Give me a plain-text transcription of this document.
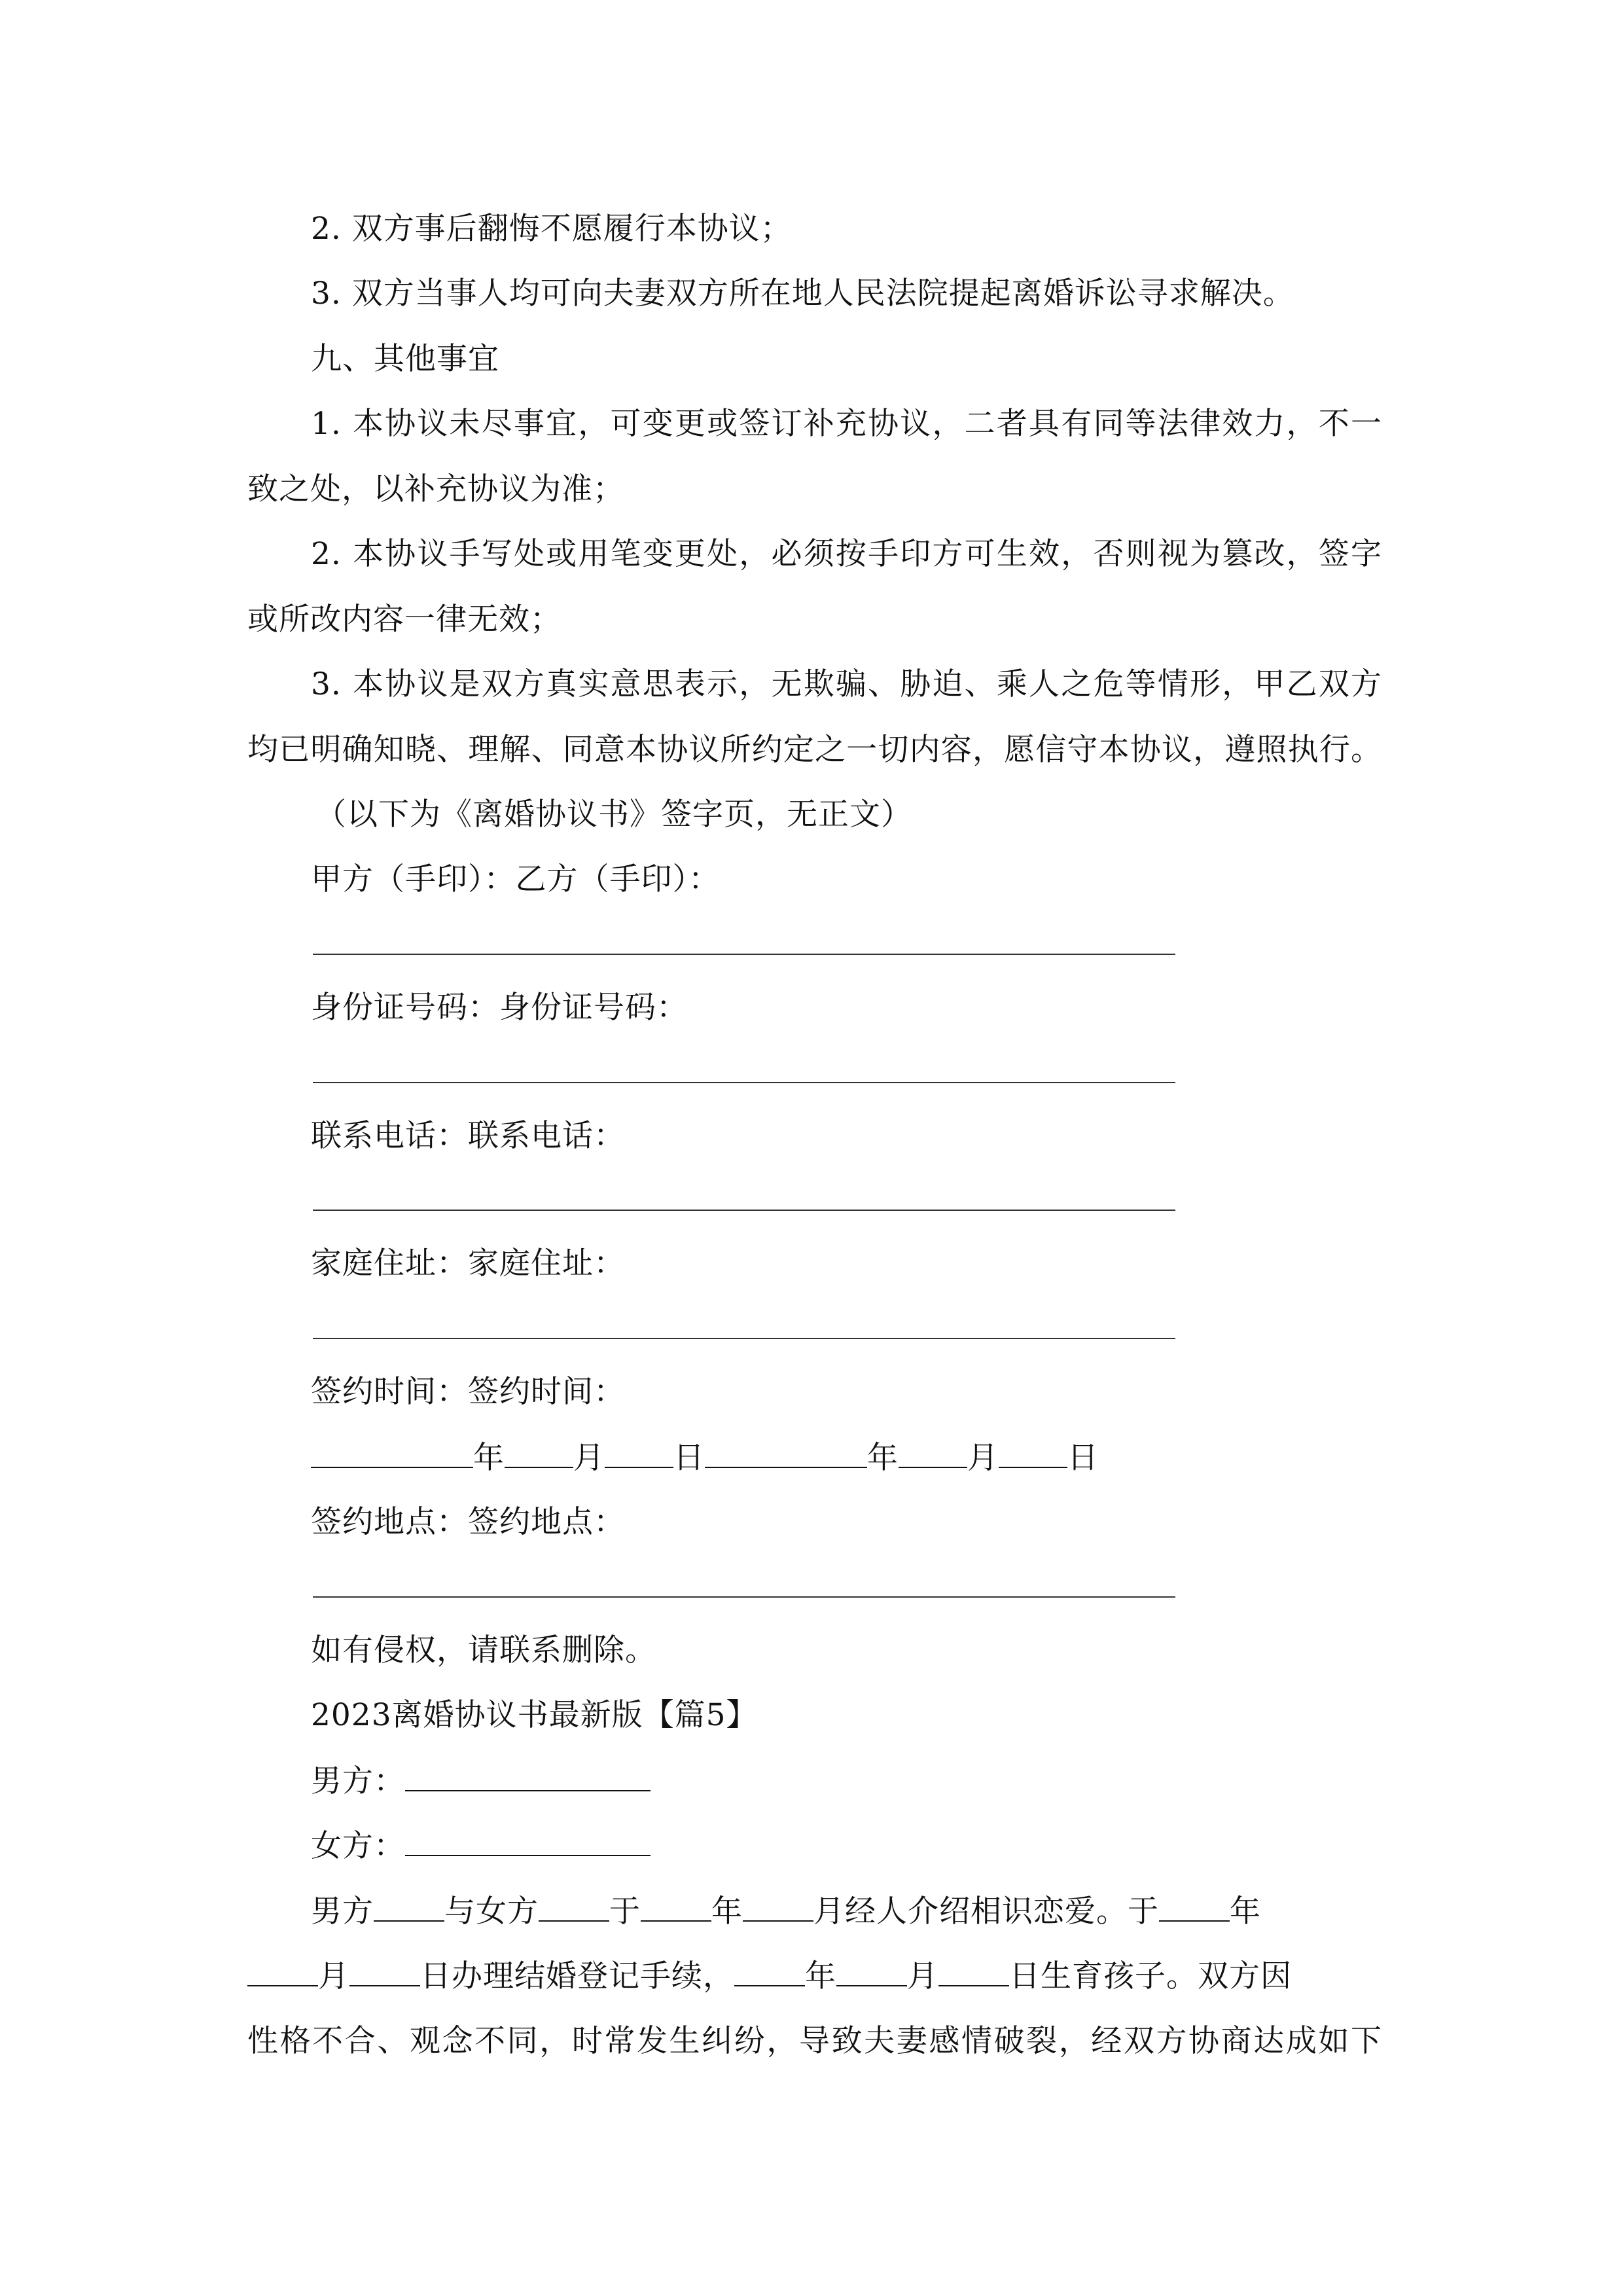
2. 双方事后翻悔不愿履行本协议；
3. 双方当事人均可向夫妻双方所在地人民法院提起离婚诉讼寻求解决。
九、其他事宜
1. 本协议未尽事宜，可变更或签订补充协议，二者具有同等法律效力，不一
致之处，以补充协议为准；
2. 本协议手写处或用笔变更处，必须按手印方可生效，否则视为篡改，签字
或所改内容一律无效；
3. 本协议是双方真实意思表示，无欺骗、胁迫、乘人之危等情形，甲乙双方
均已明确知晓、理解、同意本协议所约定之一切内容，愿信守本协议，遵照执行。
（以下为《离婚协议书》签字页，无正文）
甲方（手印）：乙方（手印）：
身份证号码：身份证号码：
联系电话：联系电话：
家庭住址：家庭住址：
签约时间：签约时间：
年 月 日	年 月 日
签约地点：签约地点：
如有侵权，请联系删除。
2023离婚协议书最新版【篇5】
男方：
女方：
男方 与女方 于 年 月经人介绍相识恋爱。于 年
月 日办理结婚登记手续， 年 月 日生育孩子。双方因
性格不合、观念不同，时常发生纠纷，导致夫妻感情破裂，经双方协商达成如下
